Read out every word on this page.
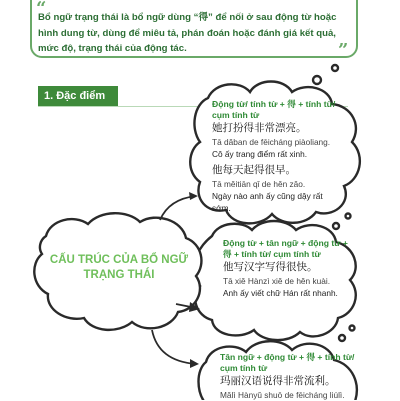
“
”
Bổ ngữ trạng thái là bổ ngữ dùng “得” để nối ở sau động từ hoặc hình dung từ, dùng để miêu tả, phán đoán hoặc đánh giá kết quả, mức độ, trạng thái của động tác.
1. Đặc điểm
CẤU TRÚC CỦA BỔ NGỮ TRẠNG THÁI
Động từ/ tính từ + 得 + tính từ/ cụm tính từ
她打扮得非常漂亮。
Tā dǎban de fēicháng piàoliang.
Cô ấy trang điểm rất xinh.
他每天起得很早。
Tā měitiān qǐ de hěn zǎo.
Ngày nào anh ấy cũng dậy rất sớm.
Động từ + tân ngữ + động từ + 得 + tính từ/ cụm tính từ
他写汉字写得很快。
Tā xiě Hànzì xiě de hěn kuài.
Anh ấy viết chữ Hán rất nhanh.
Tân ngữ + động từ + 得 + tính từ/ cụm tính từ
玛丽汉语说得非常流利。
Mǎlì Hànyǔ shuō de fēicháng liúlì.
